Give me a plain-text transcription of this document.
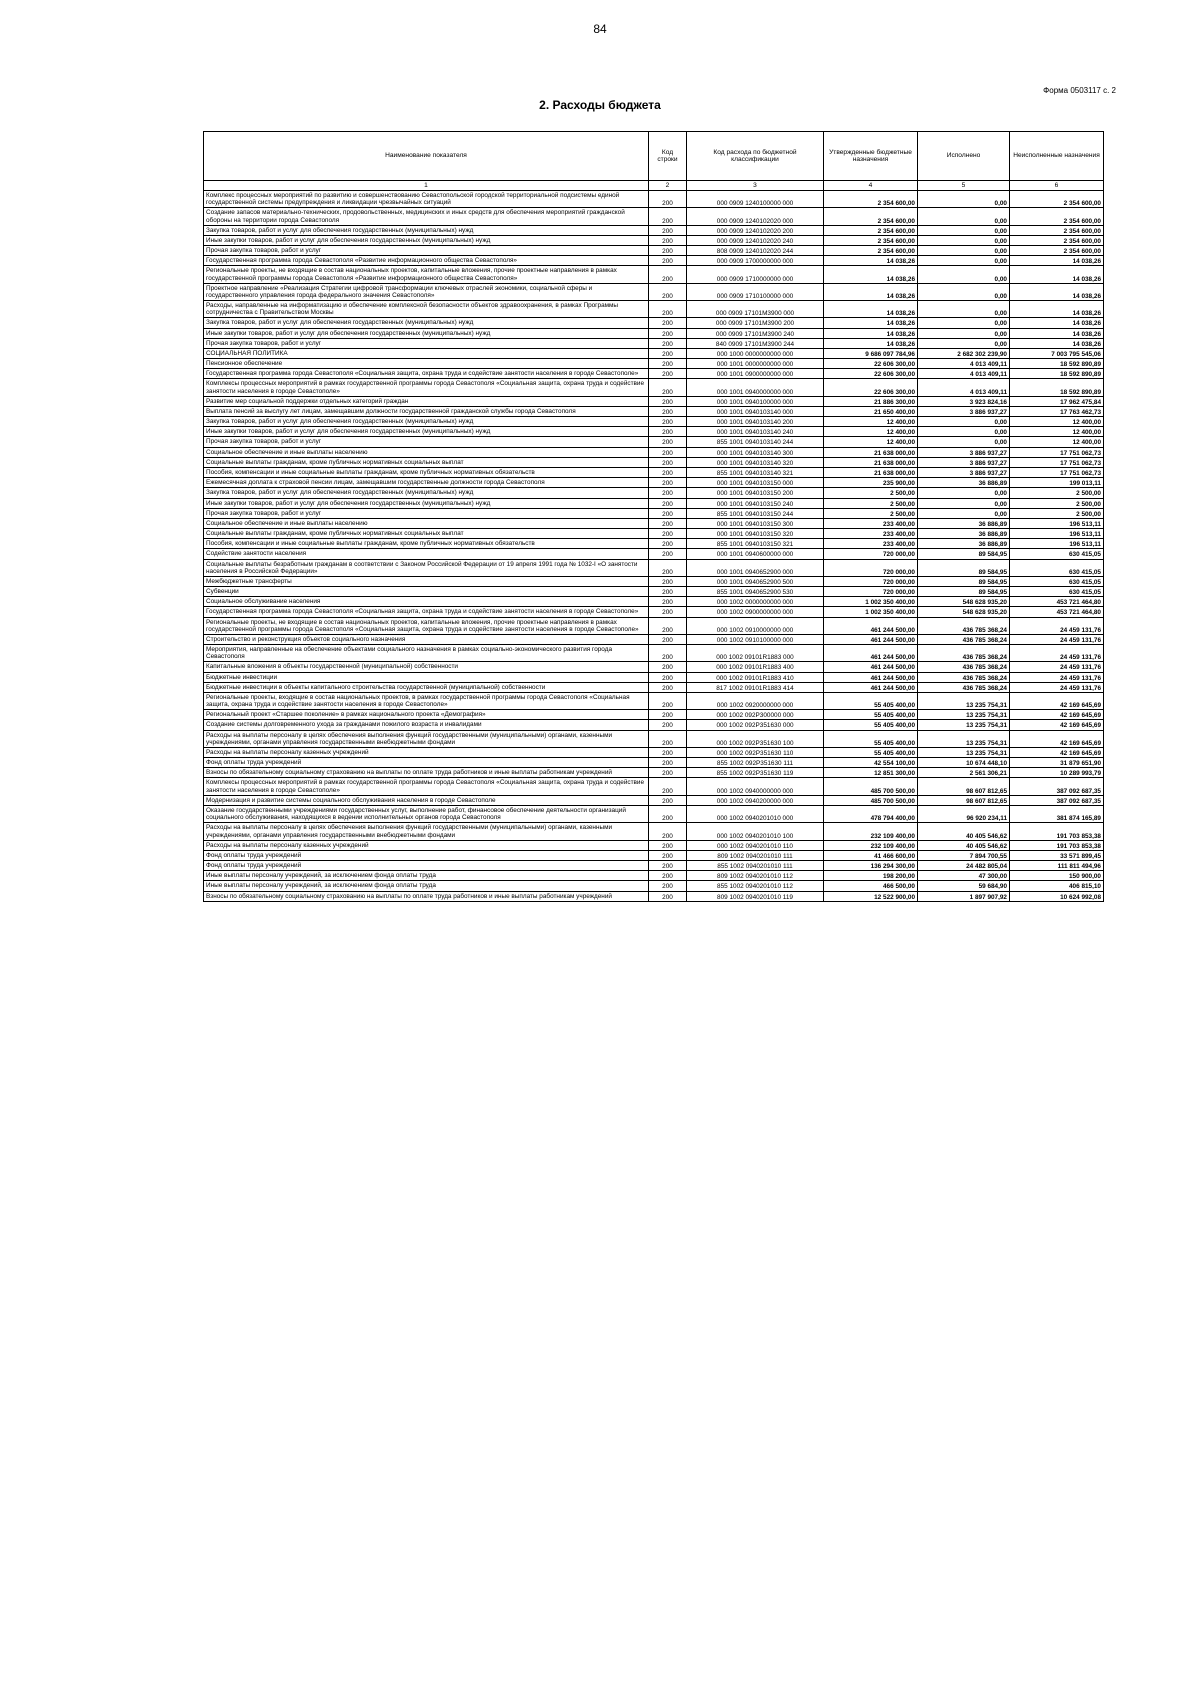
84
Форма 0503117 с. 2
2. Расходы бюджета
Наименование показателя	Код строки	Код расхода по бюджетной классификации	Утвержденные бюджетные назначения	Исполнено	Неисполненные назначения
1	2	3	4	5	6
Комплекс процессных мероприятий по развитию и совершенствованию Севастопольской городской территориальной подсистемы единой государственной системы предупреждения и ликвидации чрезвычайных ситуаций	200	000 0909 1240100000 000	2 354 600,00	0,00	2 354 600,00
Создание запасов материально-технических, продовольственных, медицинских и иных средств для обеспечения мероприятий гражданской обороны на территории города Севастополя	200	000 0909 1240102020 000	2 354 600,00	0,00	2 354 600,00
Закупка товаров, работ и услуг для обеспечения государственных (муниципальных) нужд	200	000 0909 1240102020 200	2 354 600,00	0,00	2 354 600,00
Иные закупки товаров, работ и услуг для обеспечения государственных (муниципальных) нужд	200	000 0909 1240102020 240	2 354 600,00	0,00	2 354 600,00
Прочая закупка товаров, работ и услуг	200	808 0909 1240102020 244	2 354 600,00	0,00	2 354 600,00
Государственная программа города Севастополя «Развитие информационного общества Севастополя»	200	000 0909 1700000000 000	14 038,26	0,00	14 038,26
Региональные проекты, не входящие в состав национальных проектов, капитальные вложения, прочие проектные направления в рамках государственной программы города Севастополя «Развитие информационного общества Севастополя»	200	000 0909 1710000000 000	14 038,26	0,00	14 038,26
Проектное направление «Реализация Стратегии цифровой трансформации ключевых отраслей экономики, социальной сферы и государственного управления города федерального значения Севастополя»	200	000 0909 1710100000 000	14 038,26	0,00	14 038,26
Расходы, направленные на информатизацию и обеспечение комплексной безопасности объектов здравоохранения, в рамках Программы сотрудничества с Правительством Москвы	200	000 0909 17101М3900 000	14 038,26	0,00	14 038,26
Закупка товаров, работ и услуг для обеспечения государственных (муниципальных) нужд	200	000 0909 17101М3900 200	14 038,26	0,00	14 038,26
Иные закупки товаров, работ и услуг для обеспечения государственных (муниципальных) нужд	200	000 0909 17101М3900 240	14 038,26	0,00	14 038,26
Прочая закупка товаров, работ и услуг	200	840 0909 17101М3900 244	14 038,26	0,00	14 038,26
СОЦИАЛЬНАЯ ПОЛИТИКА	200	000 1000 0000000000 000	9 686 097 784,96	2 682 302 239,90	7 003 795 545,06
Пенсионное обеспечение	200	000 1001 0000000000 000	22 606 300,00	4 013 409,11	18 592 890,89
Государственная программа города Севастополя «Социальная защита, охрана труда и содействие занятости населения в городе Севастополе»	200	000 1001 0900000000 000	22 606 300,00	4 013 409,11	18 592 890,89
Комплексы процессных мероприятий в рамках государственной программы города Севастополя «Социальная защита, охрана труда и содействие занятости населения в городе Севастополе»	200	000 1001 0940000000 000	22 606 300,00	4 013 409,11	18 592 890,89
Развитие мер социальной поддержки отдельных категорий граждан	200	000 1001 0940100000 000	21 886 300,00	3 923 824,16	17 962 475,84
Выплата пенсий за выслугу лет лицам, замещавшим должности государственной гражданской службы города Севастополя	200	000 1001 0940103140 000	21 650 400,00	3 886 937,27	17 763 462,73
Закупка товаров, работ и услуг для обеспечения государственных (муниципальных) нужд	200	000 1001 0940103140 200	12 400,00	0,00	12 400,00
Иные закупки товаров, работ и услуг для обеспечения государственных (муниципальных) нужд	200	000 1001 0940103140 240	12 400,00	0,00	12 400,00
Прочая закупка товаров, работ и услуг	200	855 1001 0940103140 244	12 400,00	0,00	12 400,00
Социальное обеспечение и иные выплаты населению	200	000 1001 0940103140 300	21 638 000,00	3 886 937,27	17 751 062,73
Социальные выплаты гражданам, кроме публичных нормативных социальных выплат	200	000 1001 0940103140 320	21 638 000,00	3 886 937,27	17 751 062,73
Пособия, компенсации и иные социальные выплаты гражданам, кроме публичных нормативных обязательств	200	855 1001 0940103140 321	21 638 000,00	3 886 937,27	17 751 062,73
Ежемесячная доплата к страховой пенсии лицам, замещавшим государственные должности города Севастополя	200	000 1001 0940103150 000	235 900,00	36 886,89	199 013,11
Закупка товаров, работ и услуг для обеспечения государственных (муниципальных) нужд	200	000 1001 0940103150 200	2 500,00	0,00	2 500,00
Иные закупки товаров, работ и услуг для обеспечения государственных (муниципальных) нужд	200	000 1001 0940103150 240	2 500,00	0,00	2 500,00
Прочая закупка товаров, работ и услуг	200	855 1001 0940103150 244	2 500,00	0,00	2 500,00
Социальное обеспечение и иные выплаты населению	200	000 1001 0940103150 300	233 400,00	36 886,89	196 513,11
Социальные выплаты гражданам, кроме публичных нормативных социальных выплат	200	000 1001 0940103150 320	233 400,00	36 886,89	196 513,11
Пособия, компенсации и иные социальные выплаты гражданам, кроме публичных нормативных обязательств	200	855 1001 0940103150 321	233 400,00	36 886,89	196 513,11
Содействие занятости населения	200	000 1001 0940600000 000	720 000,00	89 584,95	630 415,05
Социальные выплаты безработным гражданам в соответствии с Законом Российской Федерации от 19 апреля 1991 года № 1032-I «О занятости населения в Российской Федерации»	200	000 1001 0940652900 000	720 000,00	89 584,95	630 415,05
Межбюджетные трансферты	200	000 1001 0940652900 500	720 000,00	89 584,95	630 415,05
Субвенции	200	855 1001 0940652900 530	720 000,00	89 584,95	630 415,05
Социальное обслуживание населения	200	000 1002 0000000000 000	1 002 350 400,00	548 628 935,20	453 721 464,80
Государственная программа города Севастополя «Социальная защита, охрана труда и содействие занятости населения в городе Севастополе»	200	000 1002 0900000000 000	1 002 350 400,00	548 628 935,20	453 721 464,80
Региональные проекты, не входящие в состав национальных проектов, капитальные вложения, прочие проектные направления в рамках государственной программы города Севастополя «Социальная защита, охрана труда и содействие занятости населения в городе Севастополе»	200	000 1002 0910000000 000	461 244 500,00	436 785 368,24	24 459 131,76
Строительство и реконструкция объектов социального назначения	200	000 1002 0910100000 000	461 244 500,00	436 785 368,24	24 459 131,76
Мероприятия, направленные на обеспечение объектами социального назначения в рамках социально-экономического развития города Севастополя	200	000 1002 09101R1883 000	461 244 500,00	436 785 368,24	24 459 131,76
Капитальные вложения в объекты государственной (муниципальной) собственности	200	000 1002 09101R1883 400	461 244 500,00	436 785 368,24	24 459 131,76
Бюджетные инвестиции	200	000 1002 09101R1883 410	461 244 500,00	436 785 368,24	24 459 131,76
Бюджетные инвестиции в объекты капитального строительства государственной (муниципальной) собственности	200	817 1002 09101R1883 414	461 244 500,00	436 785 368,24	24 459 131,76
Региональные проекты, входящие в состав национальных проектов, в рамках государственной программы города Севастополя «Социальная защита, охрана труда и содействие занятости населения в городе Севастополе»	200	000 1002 0920000000 000	55 405 400,00	13 235 754,31	42 169 645,69
Региональный проект «Старшее поколение» в рамках национального проекта «Демография»	200	000 1002 092P300000 000	55 405 400,00	13 235 754,31	42 169 645,69
Создание системы долговременного ухода за гражданами пожилого возраста и инвалидами	200	000 1002 092P351630 000	55 405 400,00	13 235 754,31	42 169 645,69
Расходы на выплаты персоналу в целях обеспечения выполнения функций государственными (муниципальными) органами, казенными учреждениями, органами управления государственными внебюджетными фондами	200	000 1002 092P351630 100	55 405 400,00	13 235 754,31	42 169 645,69
Расходы на выплаты персоналу казенных учреждений	200	000 1002 092P351630 110	55 405 400,00	13 235 754,31	42 169 645,69
Фонд оплаты труда учреждений	200	855 1002 092P351630 111	42 554 100,00	10 674 448,10	31 879 651,90
Взносы по обязательному социальному страхованию на выплаты по оплате труда работников и иные выплаты работникам учреждений	200	855 1002 092P351630 119	12 851 300,00	2 561 306,21	10 289 993,79
Комплексы процессных мероприятий в рамках государственной программы города Севастополя «Социальная защита, охрана труда и содействие занятости населения в городе Севастополе»	200	000 1002 0940000000 000	485 700 500,00	98 607 812,65	387 092 687,35
Модернизация и развитие системы социального обслуживания населения в городе Севастополе	200	000 1002 0940200000 000	485 700 500,00	98 607 812,65	387 092 687,35
Оказание государственными учреждениями государственных услуг, выполнение работ, финансовое обеспечение деятельности организаций социального обслуживания, находящихся в ведении исполнительных органов города Севастополя	200	000 1002 0940201010 000	478 794 400,00	96 920 234,11	381 874 165,89
Расходы на выплаты персоналу в целях обеспечения выполнения функций государственными (муниципальными) органами, казенными учреждениями, органами управления государственными внебюджетными фондами	200	000 1002 0940201010 100	232 109 400,00	40 405 546,62	191 703 853,38
Расходы на выплаты персоналу казенных учреждений	200	000 1002 0940201010 110	232 109 400,00	40 405 546,62	191 703 853,38
Фонд оплаты труда учреждений	200	809 1002 0940201010 111	41 466 600,00	7 894 700,55	33 571 899,45
Фонд оплаты труда учреждений	200	855 1002 0940201010 111	136 294 300,00	24 482 805,04	111 811 494,96
Иные выплаты персоналу учреждений, за исключением фонда оплаты труда	200	809 1002 0940201010 112	198 200,00	47 300,00	150 900,00
Иные выплаты персоналу учреждений, за исключением фонда оплаты труда	200	855 1002 0940201010 112	466 500,00	59 684,90	406 815,10
Взносы по обязательному социальному страхованию на выплаты по оплате труда работников и иные выплаты работникам учреждений	200	809 1002 0940201010 119	12 522 900,00	1 897 907,92	10 624 992,08
